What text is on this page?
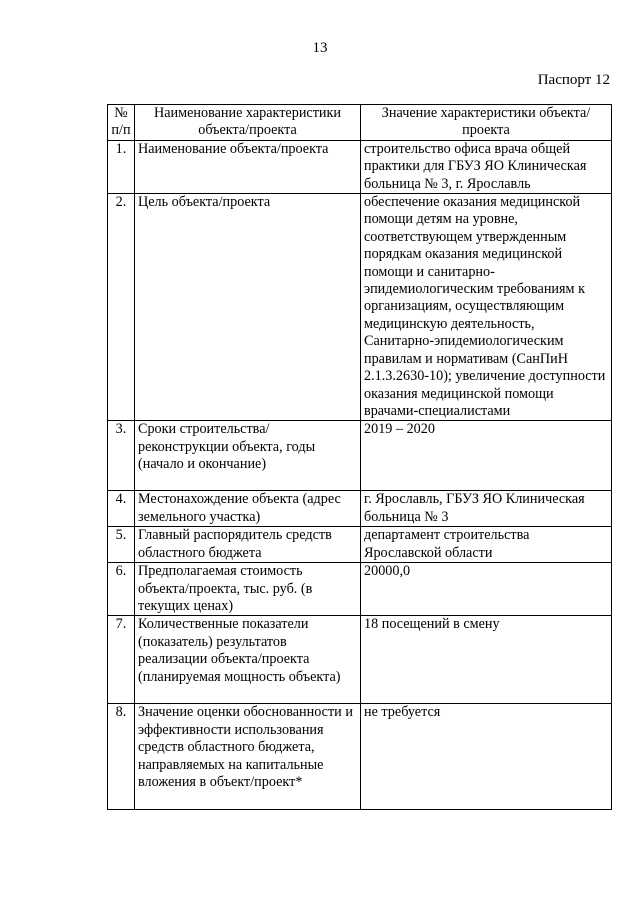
13
Паспорт 12
№ п/п	Наименование характеристики объекта/проекта	Значение характеристики объекта/проекта
1.	Наименование объекта/проекта	строительство офиса врача общей практики для ГБУЗ ЯО Клиническая больница № 3, г. Ярославль
2.	Цель объекта/проекта	обеспечение оказания медицинской помощи детям на уровне, соответствующем утвержденным порядкам оказания медицинской помощи и санитарно-эпидемиологическим требованиям к организациям, осуществляющим медицинскую деятельность, Санитарно-эпидемиологическим правилам и нормативам (СанПиН 2.1.3.2630-10); увеличение доступности оказания медицинской помощи врачами-специалистами
3.	Сроки строительства/реконструкции объекта, годы (начало и окончание)	2019 – 2020
4.	Местонахождение объекта (адрес земельного участка)	г. Ярославль, ГБУЗ ЯО Клиническая больница № 3
5.	Главный распорядитель средств областного бюджета	департамент строительства Ярославской области
6.	Предполагаемая стоимость объекта/проекта, тыс. руб. (в текущих ценах)	20000,0
7.	Количественные показатели (показатель) результатов реализации объекта/проекта (планируемая мощность объекта)	18 посещений в смену
8.	Значение оценки обоснованности и эффективности использования средств областного бюджета, направляемых на капитальные вложения в объект/проект*	не требуется
